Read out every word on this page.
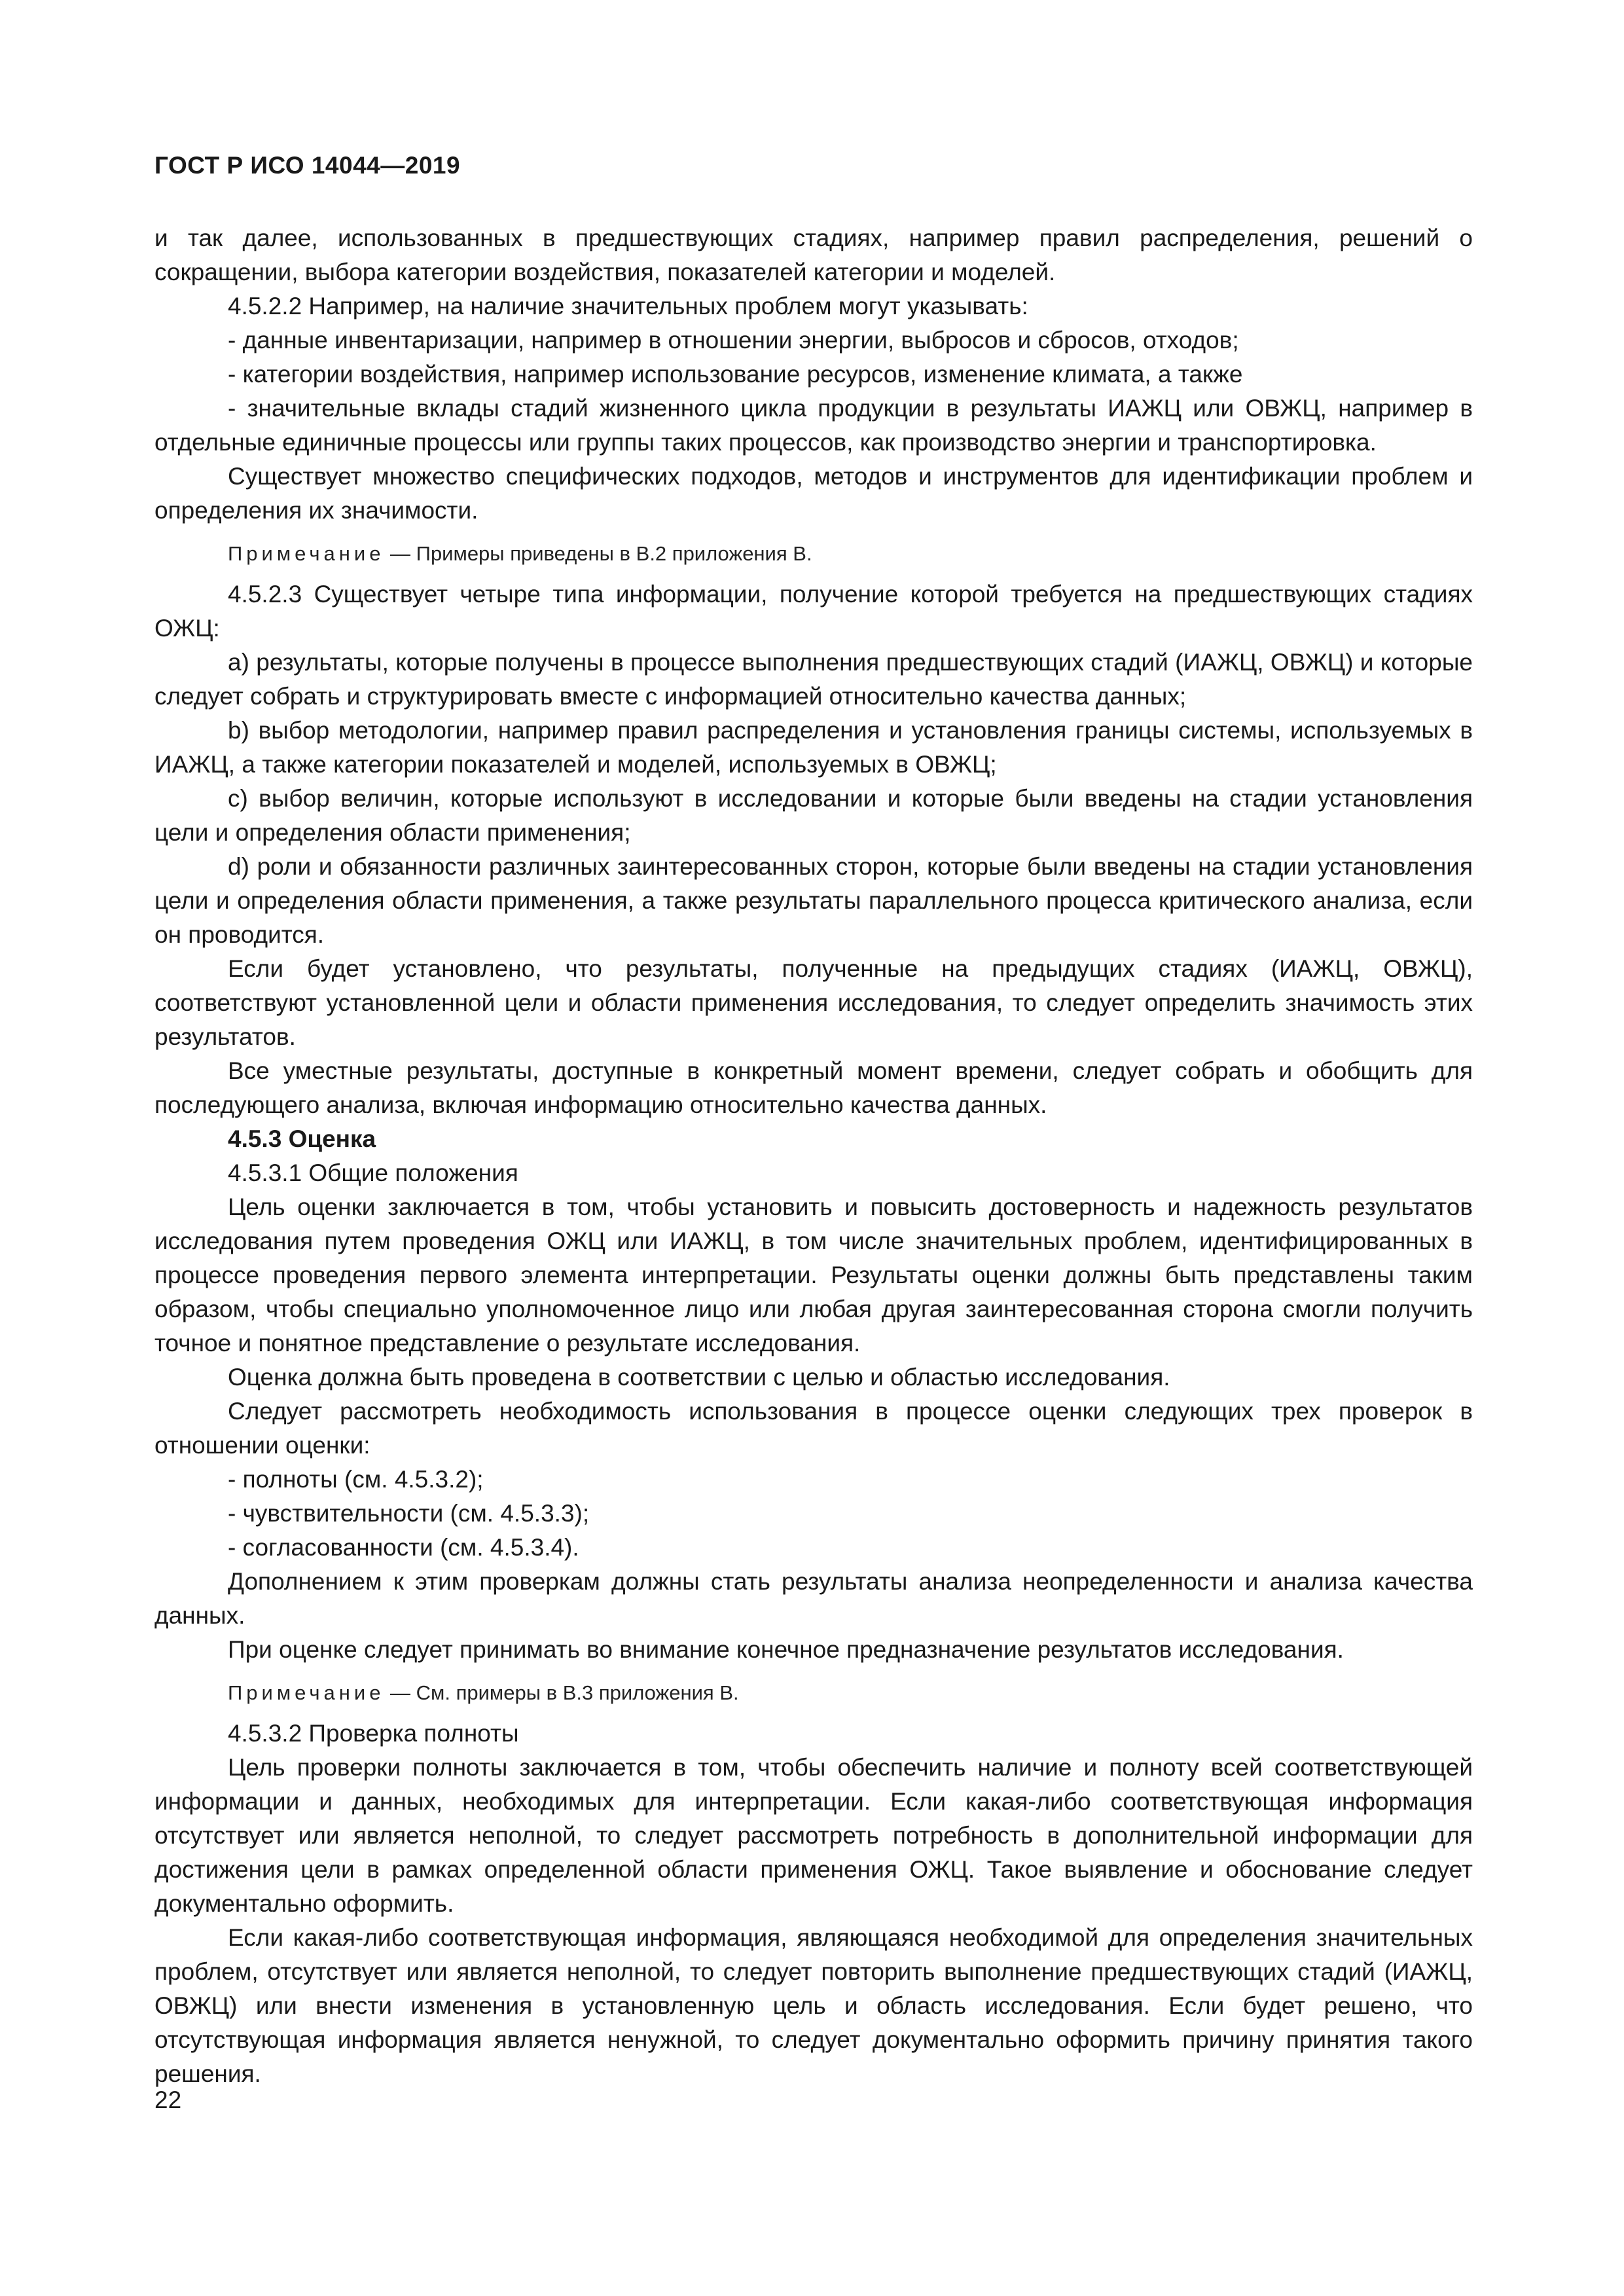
ГОСТ Р ИСО 14044—2019

и так далее, использованных в предшествующих стадиях, например правил распределения, решений о сокращении, выбора категории воздействия, показателей категории и моделей.

4.5.2.2 Например, на наличие значительных проблем могут указывать:

- данные инвентаризации, например в отношении энергии, выбросов и сбросов, отходов;

- категории воздействия, например использование ресурсов, изменение климата, а также

- значительные вклады стадий жизненного цикла продукции в результаты ИАЖЦ или ОВЖЦ, например в отдельные единичные процессы или группы таких процессов, как производство энергии и транспортировка.

Существует множество специфических подходов, методов и инструментов для идентификации проблем и определения их значимости.

Примечание — Примеры приведены в В.2 приложения В.

4.5.2.3 Существует четыре типа информации, получение которой требуется на предшествующих стадиях ОЖЦ:

a) результаты, которые получены в процессе выполнения предшествующих стадий (ИАЖЦ, ОВЖЦ) и которые следует собрать и структурировать вместе с информацией относительно качества данных;

b) выбор методологии, например правил распределения и установления границы системы, используемых в ИАЖЦ, а также категории показателей и моделей, используемых в ОВЖЦ;

c) выбор величин, которые используют в исследовании и которые были введены на стадии установления цели и определения области применения;

d) роли и обязанности различных заинтересованных сторон, которые были введены на стадии установления цели и определения области применения, а также результаты параллельного процесса критического анализа, если он проводится.

Если будет установлено, что результаты, полученные на предыдущих стадиях (ИАЖЦ, ОВЖЦ), соответствуют установленной цели и области применения исследования, то следует определить значимость этих результатов.

Все уместные результаты, доступные в конкретный момент времени, следует собрать и обобщить для последующего анализа, включая информацию относительно качества данных.

4.5.3 Оценка

4.5.3.1 Общие положения

Цель оценки заключается в том, чтобы установить и повысить достоверность и надежность результатов исследования путем проведения ОЖЦ или ИАЖЦ, в том числе значительных проблем, идентифицированных в процессе проведения первого элемента интерпретации. Результаты оценки должны быть представлены таким образом, чтобы специально уполномоченное лицо или любая другая заинтересованная сторона смогли получить точное и понятное представление о результате исследования.

Оценка должна быть проведена в соответствии с целью и областью исследования.

Следует рассмотреть необходимость использования в процессе оценки следующих трех проверок в отношении оценки:

- полноты (см. 4.5.3.2);

- чувствительности (см. 4.5.3.3);

- согласованности (см. 4.5.3.4).

Дополнением к этим проверкам должны стать результаты анализа неопределенности и анализа качества данных.

При оценке следует принимать во внимание конечное предназначение результатов исследования.

Примечание — См. примеры в В.3 приложения В.

4.5.3.2 Проверка полноты

Цель проверки полноты заключается в том, чтобы обеспечить наличие и полноту всей соответствующей информации и данных, необходимых для интерпретации. Если какая-либо соответствующая информация отсутствует или является неполной, то следует рассмотреть потребность в дополнительной информации для достижения цели в рамках определенной области применения ОЖЦ. Такое выявление и обоснование следует документально оформить.

Если какая-либо соответствующая информация, являющаяся необходимой для определения значительных проблем, отсутствует или является неполной, то следует повторить выполнение предшествующих стадий (ИАЖЦ, ОВЖЦ) или внести изменения в установленную цель и область исследования. Если будет решено, что отсутствующая информация является ненужной, то следует документально оформить причину принятия такого решения.

22
